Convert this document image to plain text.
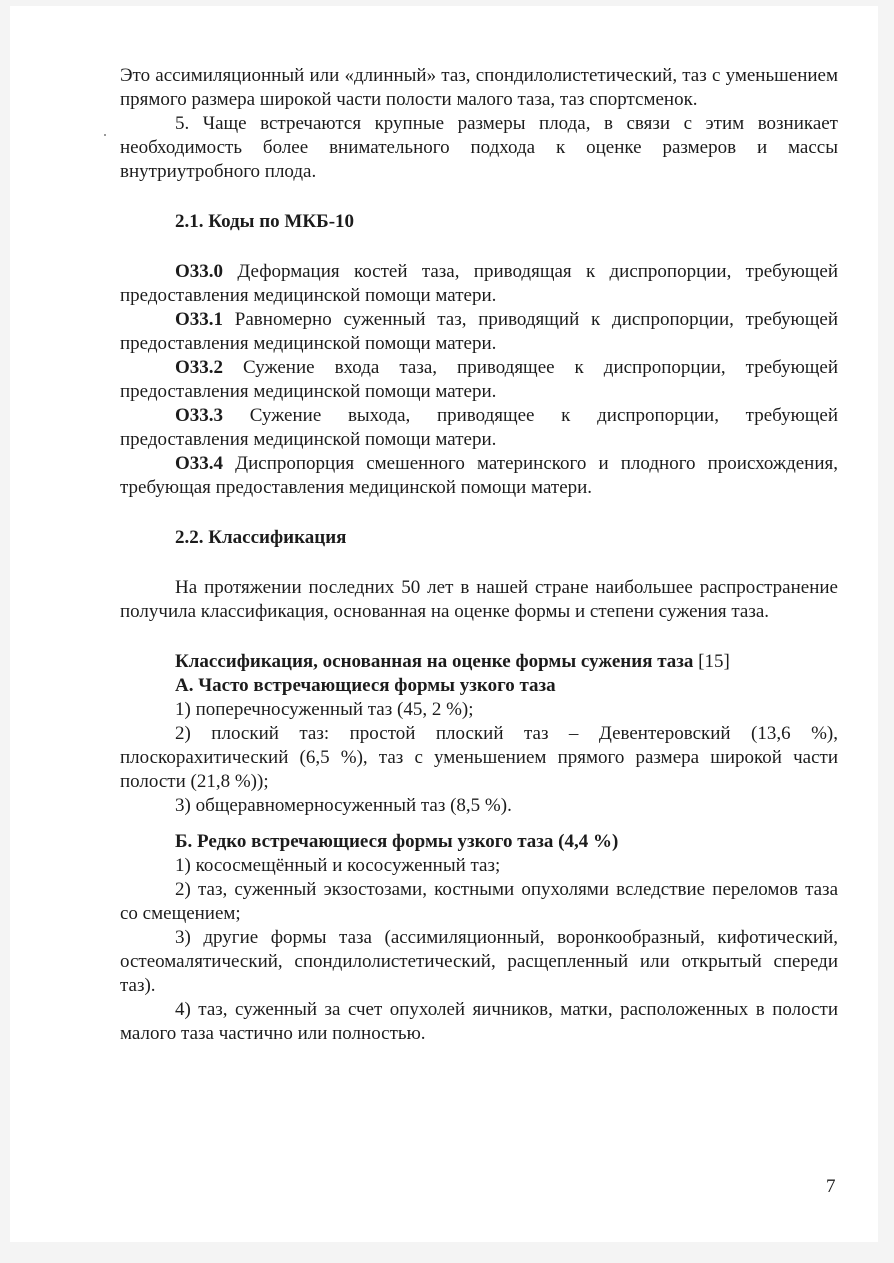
Это ассимиляционный или «длинный» таз, спондилолистетический, таз с уменьшением прямого размера широкой части полости малого таза, таз спортсменок.

5. Чаще встречаются крупные размеры плода, в связи с этим возникает необходимость более внимательного подхода к оценке размеров и массы внутриутробного плода.

2.1. Коды по МКБ-10

O33.0 Деформация костей таза, приводящая к диспропорции, требующей предоставления медицинской помощи матери.

O33.1 Равномерно суженный таз, приводящий к диспропорции, требующей предоставления медицинской помощи матери.

O33.2 Сужение входа таза, приводящее к диспропорции, требующей предоставления медицинской помощи матери.

O33.3 Сужение выхода, приводящее к диспропорции, требующей предоставления медицинской помощи матери.

O33.4 Диспропорция смешенного материнского и плодного происхождения, требующая предоставления медицинской помощи матери.

2.2. Классификация

На протяжении последних 50 лет в нашей стране наибольшее распространение получила классификация, основанная на оценке формы и степени сужения таза.

Классификация, основанная на оценке формы сужения таза [15]

А. Часто встречающиеся формы узкого таза

1) поперечносуженный таз (45, 2 %);

2) плоский таз: простой плоский таз – Девентеровский (13,6 %), плоскорахитический (6,5 %), таз с уменьшением прямого размера широкой части полости (21,8 %));

3) общеравномерносуженный таз (8,5 %).

Б. Редко встречающиеся формы узкого таза (4,4 %)

1) кососмещённый и кососуженный таз;

2) таз, суженный экзостозами, костными опухолями вследствие переломов таза со смещением;

3) другие формы таза (ассимиляционный, воронкообразный, кифотический, остеомалятический, спондилолистетический, расщепленный или открытый спереди таз).

4) таз, суженный за счет опухолей яичников, матки, расположенных в полости малого таза частично или полностью.

7
